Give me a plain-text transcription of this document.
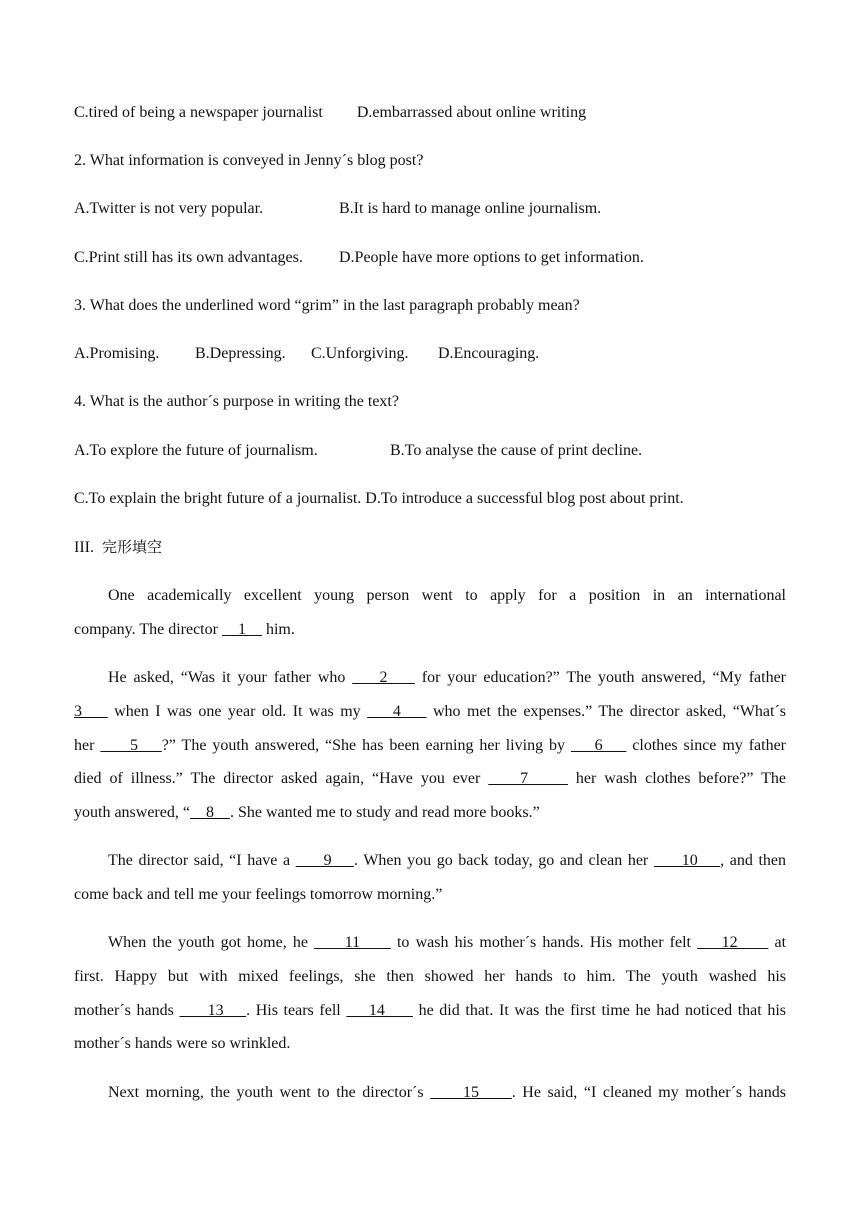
C.tired of being a newspaper journalist D.embarrassed about online writing
2. What information is conveyed in Jenny´s blog post?
A.Twitter is not very popular.	B.It is hard to manage online journalism.
C.Print still has its own advantages. D.People have more options to get information.
3. What does the underlined word “grim” in the last paragraph probably mean?
A.Promising. B.Depressing. C.Unforgiving. D.Encouraging.
4. What is the author´s purpose in writing the text?
A.To explore the future of journalism.	B.To analyse the cause of print decline.
C.To explain the bright future of a journalist. D.To introduce a successful blog post about print.
III. 完形填空
One academically excellent young person went to apply for a position in an international
company. The director     1     him.
He asked, “Was it your father who     2     for your education?” The youth answered, “My father
3     when I was one year old. It was my     4     who met the expenses.” The director asked, “What´s
her      5    ?” The youth answered, “She has been earning her living by     6     clothes since my father
died of illness.” The director asked again, “Have you ever     7      her wash clothes before?” The
youth answered, “    8    . She wanted me to study and read more books.”
The director said, “I have a      9    . When you go back today, go and clean her      10    , and then
come back and tell me your feelings tomorrow morning.”
When the youth got home, he      11      to wash his mother´s hands. His mother felt     12      at
first. Happy but with mixed feelings, she then showed her hands to him. The youth washed his
mother´s hands      13    . His tears fell     14      he did that. It was the first time he had noticed that his
mother´s hands were so wrinkled.
Next morning, the youth went to the director´s      15     . He said, “I cleaned my mother´s hands
